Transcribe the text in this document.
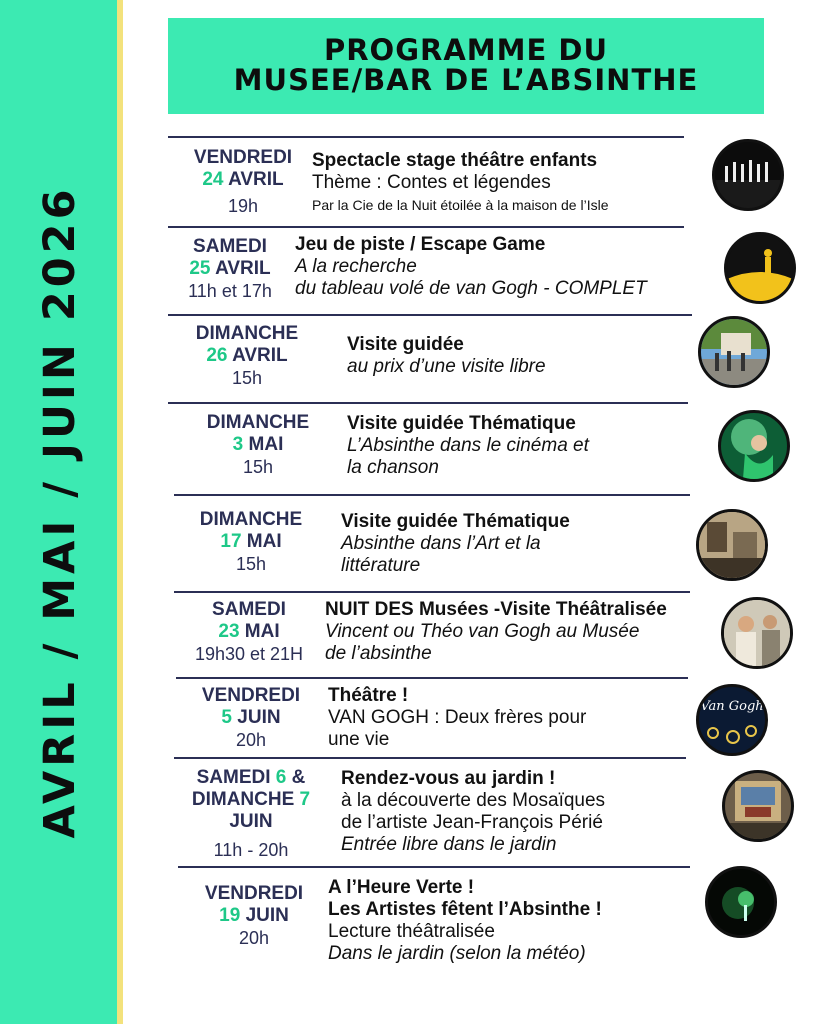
AVRIL / MAI / JUIN 2026
PROGRAMME DU
MUSEE/BAR DE L’ABSINTHE
VENDREDI
24 AVRIL
19h
Spectacle stage théâtre enfants
Thème : Contes et légendes
Par la Cie de la Nuit étoilée à la maison de l’Isle
SAMEDI
25 AVRIL
11h et 17h
Jeu de piste / Escape Game
A la recherche
du tableau volé de van Gogh - COMPLET
DIMANCHE
26 AVRIL
15h
Visite guidée
au prix d’une visite libre
DIMANCHE
3 MAI
15h
Visite guidée Thématique
L’Absinthe dans le cinéma et
la chanson
DIMANCHE
17 MAI
15h
Visite guidée Thématique
Absinthe dans l’Art et la
littérature
SAMEDI
23 MAI
19h30 et 21H
NUIT DES Musées -Visite Théâtralisée
Vincent ou Théo van Gogh au Musée
de l’absinthe
VENDREDI
5 JUIN
20h
Théâtre !
VAN GOGH : Deux frères pour
une vie
Van Gogh
SAMEDI 6 &
DIMANCHE 7
JUIN
11h - 20h
Rendez-vous au jardin !
à la découverte des Mosaïques
de l’artiste Jean-François Périé
Entrée libre dans le jardin
VENDREDI
19 JUIN
20h
A l’Heure Verte !
Les Artistes fêtent l’Absinthe !
Lecture théâtralisée
Dans le jardin (selon la météo)
